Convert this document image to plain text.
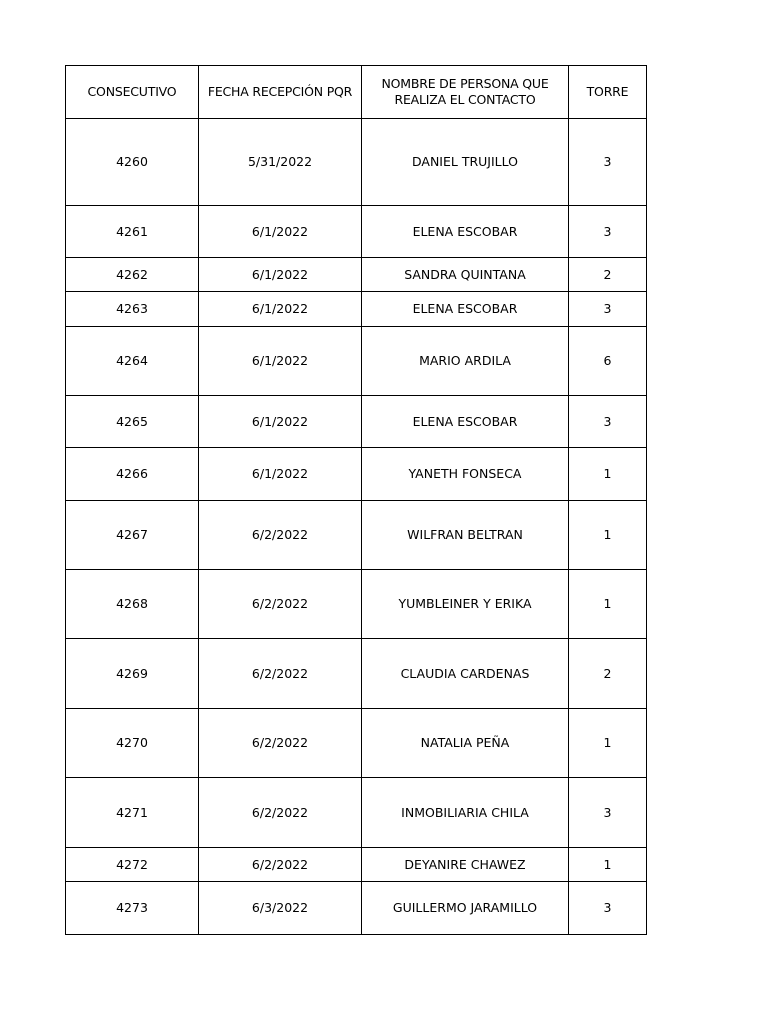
CONSECUTIVO	FECHA RECEPCIÓN PQR	NOMBRE DE PERSONA QUE REALIZA EL CONTACTO	TORRE
4260	5/31/2022	DANIEL TRUJILLO	3
4261	6/1/2022	ELENA ESCOBAR	3
4262	6/1/2022	SANDRA QUINTANA	2
4263	6/1/2022	ELENA ESCOBAR	3
4264	6/1/2022	MARIO ARDILA	6
4265	6/1/2022	ELENA ESCOBAR	3
4266	6/1/2022	YANETH FONSECA	1
4267	6/2/2022	WILFRAN BELTRAN	1
4268	6/2/2022	YUMBLEINER Y ERIKA	1
4269	6/2/2022	CLAUDIA CARDENAS	2
4270	6/2/2022	NATALIA PEÑA	1
4271	6/2/2022	INMOBILIARIA CHILA	3
4272	6/2/2022	DEYANIRE CHAWEZ	1
4273	6/3/2022	GUILLERMO JARAMILLO	3
